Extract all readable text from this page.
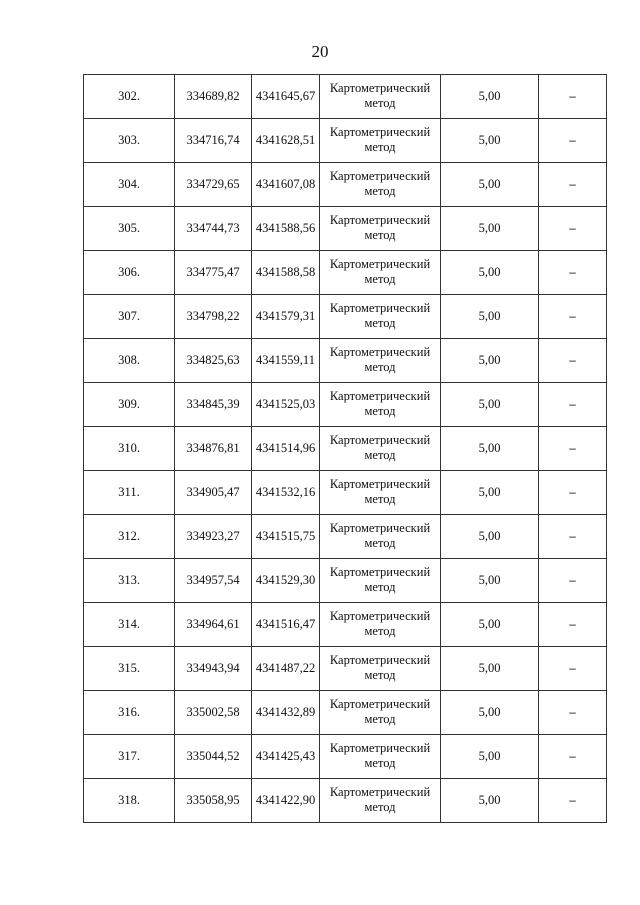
20
302.	334689,82	4341645,67	Картометрический
метод	5,00	–
303.	334716,74	4341628,51	Картометрический
метод	5,00	–
304.	334729,65	4341607,08	Картометрический
метод	5,00	–
305.	334744,73	4341588,56	Картометрический
метод	5,00	–
306.	334775,47	4341588,58	Картометрический
метод	5,00	–
307.	334798,22	4341579,31	Картометрический
метод	5,00	–
308.	334825,63	4341559,11	Картометрический
метод	5,00	–
309.	334845,39	4341525,03	Картометрический
метод	5,00	–
310.	334876,81	4341514,96	Картометрический
метод	5,00	–
311.	334905,47	4341532,16	Картометрический
метод	5,00	–
312.	334923,27	4341515,75	Картометрический
метод	5,00	–
313.	334957,54	4341529,30	Картометрический
метод	5,00	–
314.	334964,61	4341516,47	Картометрический
метод	5,00	–
315.	334943,94	4341487,22	Картометрический
метод	5,00	–
316.	335002,58	4341432,89	Картометрический
метод	5,00	–
317.	335044,52	4341425,43	Картометрический
метод	5,00	–
318.	335058,95	4341422,90	Картометрический
метод	5,00	–
